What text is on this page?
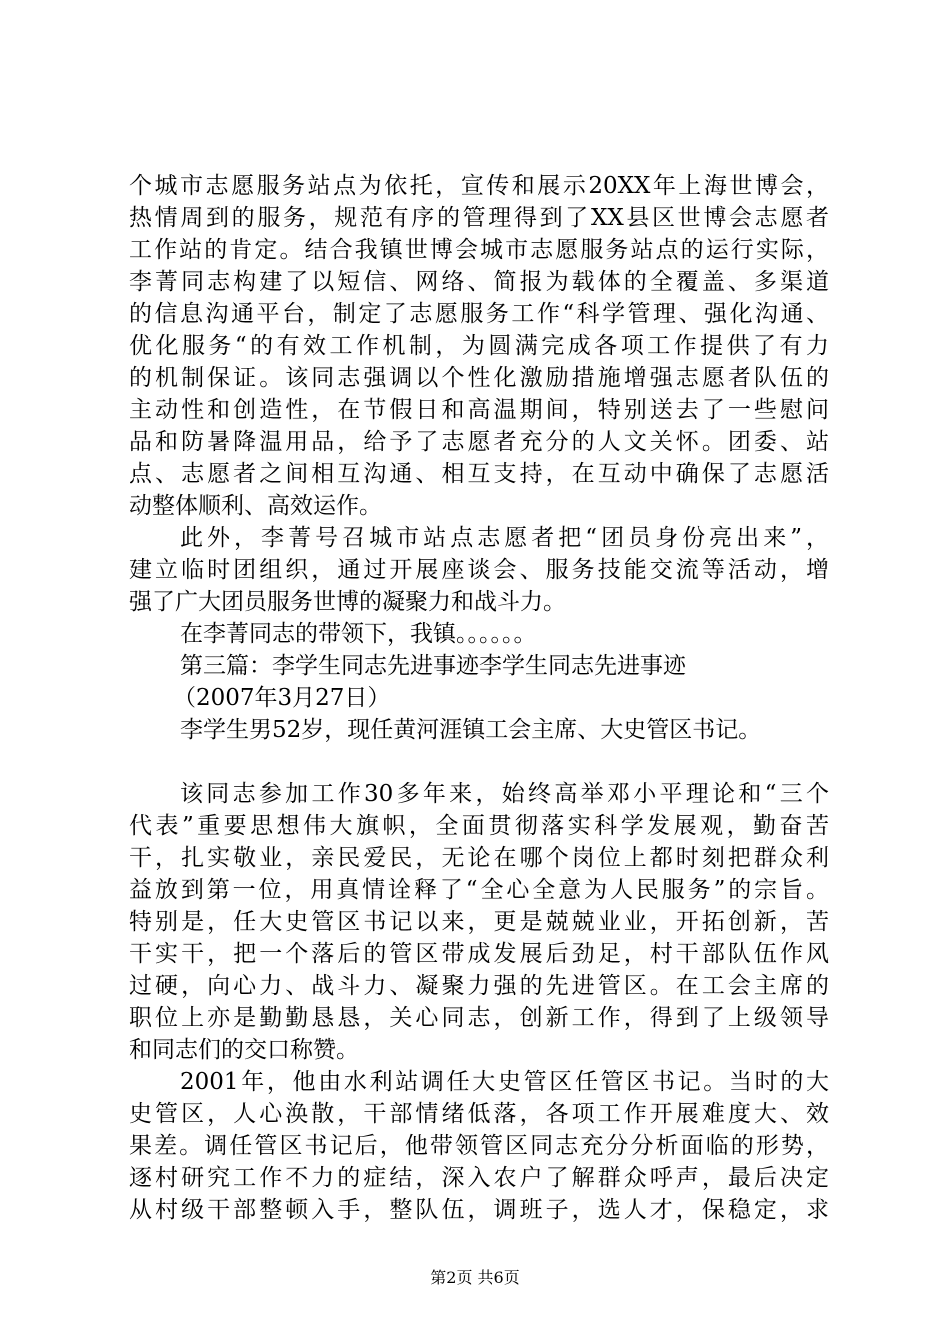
个城市志愿服务站点为依托，宣传和展示20XX年上海世博会，
热情周到的服务，规范有序的管理得到了XX县区世博会志愿者
工作站的肯定。结合我镇世博会城市志愿服务站点的运行实际，
李菁同志构建了以短信、网络、简报为载体的全覆盖、多渠道
的信息沟通平台，制定了志愿服务工作“科学管理、强化沟通、
优化服务“的有效工作机制，为圆满完成各项工作提供了有力
的机制保证。该同志强调以个性化激励措施增强志愿者队伍的
主动性和创造性，在节假日和高温期间，特别送去了一些慰问
品和防暑降温用品，给予了志愿者充分的人文关怀。团委、站
点、志愿者之间相互沟通、相互支持，在互动中确保了志愿活
动整体顺利、高效运作。
此外，李菁号召城市站点志愿者把“团员身份亮出来”，
建立临时团组织，通过开展座谈会、服务技能交流等活动，增
强了广大团员服务世博的凝聚力和战斗力。
在李菁同志的带领下，我镇。。。。。。
第三篇：李学生同志先进事迹李学生同志先进事迹
（2007年3月27日）
李学生男52岁，现任黄河涯镇工会主席、大史管区书记。
该同志参加工作30多年来，始终高举邓小平理论和“三个
代表”重要思想伟大旗帜，全面贯彻落实科学发展观，勤奋苦
干，扎实敬业，亲民爱民，无论在哪个岗位上都时刻把群众利
益放到第一位，用真情诠释了“全心全意为人民服务”的宗旨。
特别是，任大史管区书记以来，更是兢兢业业，开拓创新，苦
干实干，把一个落后的管区带成发展后劲足，村干部队伍作风
过硬，向心力、战斗力、凝聚力强的先进管区。在工会主席的
职位上亦是勤勤恳恳，关心同志，创新工作，得到了上级领导
和同志们的交口称赞。
2001年，他由水利站调任大史管区任管区书记。当时的大
史管区，人心涣散，干部情绪低落，各项工作开展难度大、效
果差。调任管区书记后，他带领管区同志充分分析面临的形势，
逐村研究工作不力的症结，深入农户了解群众呼声，最后决定
从村级干部整顿入手，整队伍，调班子，选人才，保稳定，求
第2页 共6页
